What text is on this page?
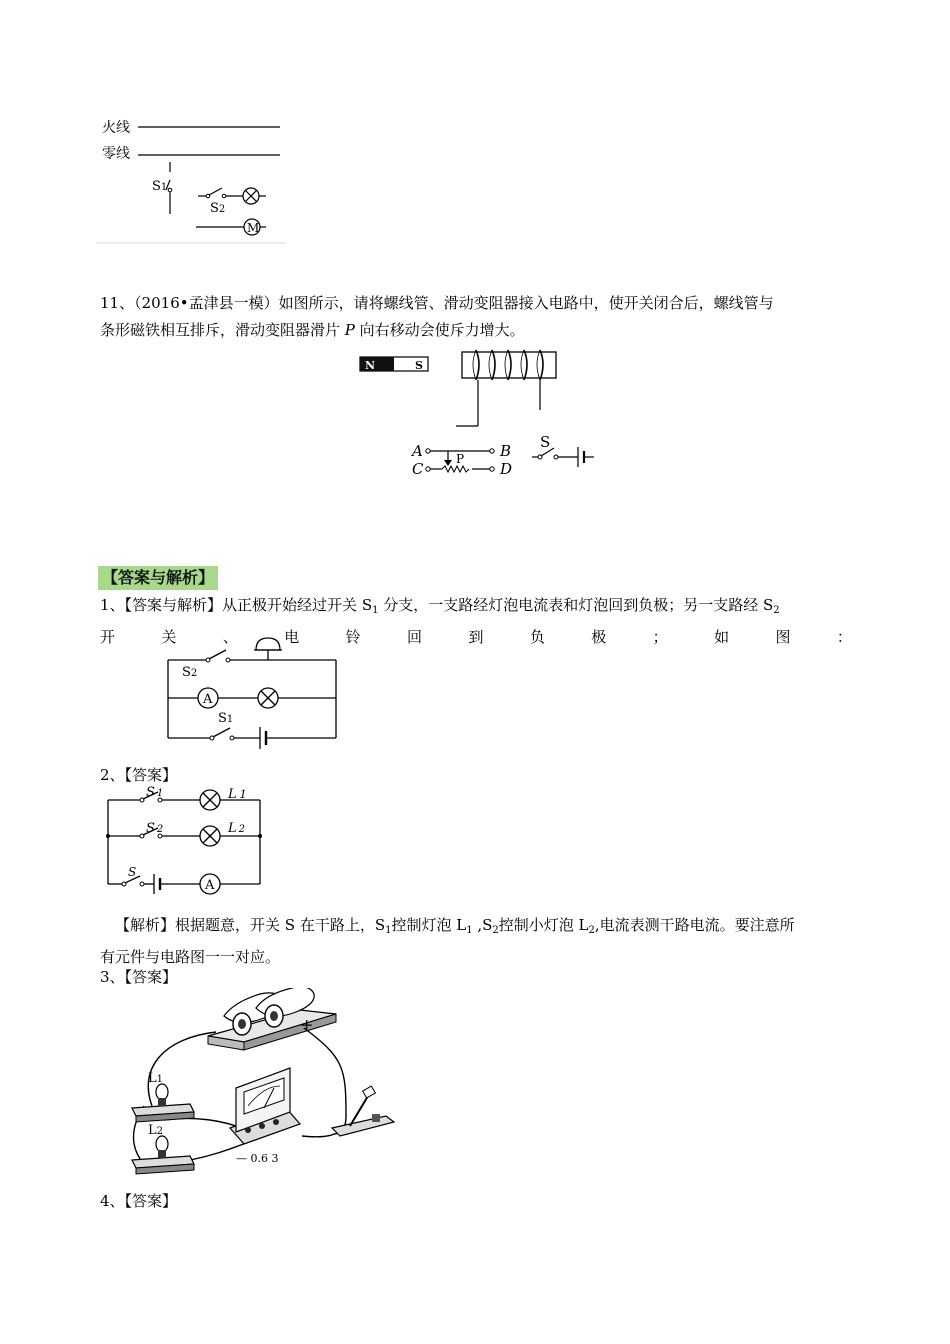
火线
零线
S1
S2
M
11、（2016•孟津县一模）如图所示，请将螺线管、滑动变阻器接入电路中，使开关闭合后，螺线管与
条形磁铁相互排斥，滑动变阻器滑片 P 向右移动会使斥力增大。
N	S
A	B
P
C	D
S
【答案与解析】
1、【答案与解析】从正极开始经过开关 $S_1$ 分支，一支路经灯泡电流表和灯泡回到负极；另一支路经 $S_2$
开	关	、	电	铃	回	到	负	极	；	如	图	：
S2
A
S1
2、【答案】
S 1	L 1
S 2	L 2
S
A
【解析】根据题意，开关 S 在干路上，$S_1$控制灯泡 $L_1$ $,S_2$控制小灯泡 $L_2$,电流表测干路电流。要注意所
有元件与电路图一一对应。
3、【答案】
+
L1
L2
— 0.6 3
4、【答案】
